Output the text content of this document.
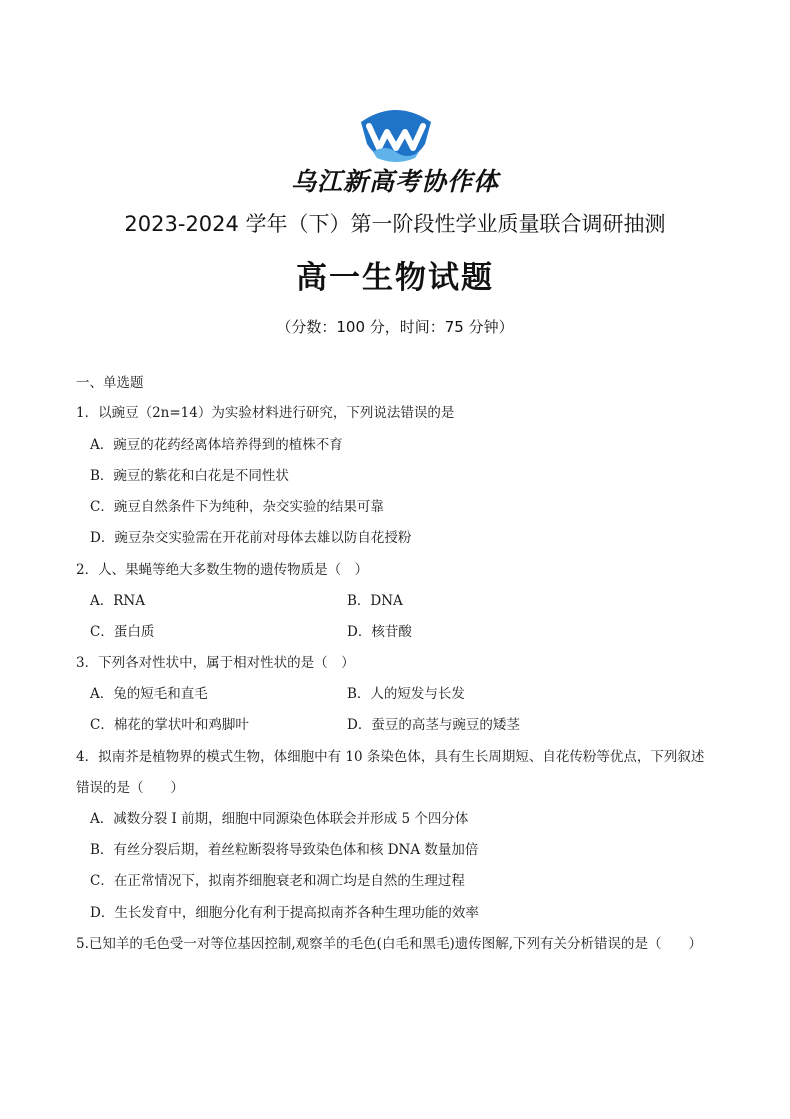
乌江新高考协作体
2023-2024 学年（下）第一阶段性学业质量联合调研抽测
高一生物试题
（分数：100 分，时间：75 分钟）
一、单选题
1．以豌豆（2n=14）为实验材料进行研究，下列说法错误的是
A．豌豆的花药经离体培养得到的植株不育
B．豌豆的紫花和白花是不同性状
C．豌豆自然条件下为纯种，杂交实验的结果可靠
D．豌豆杂交实验需在开花前对母体去雄以防自花授粉
2．人、果蝇等绝大多数生物的遗传物质是（　）
A．RNA	B．DNA
C．蛋白质	D．核苷酸
3．下列各对性状中，属于相对性状的是（　）
A．兔的短毛和直毛	B．人的短发与长发
C．棉花的掌状叶和鸡脚叶	D．蚕豆的高茎与豌豆的矮茎
4．拟南芥是植物界的模式生物，体细胞中有 10 条染色体，具有生长周期短、自花传粉等优点，下列叙述
错误的是（　　）
A．减数分裂 I 前期，细胞中同源染色体联会并形成 5 个四分体
B．有丝分裂后期，着丝粒断裂将导致染色体和核 DNA 数量加倍
C．在正常情况下，拟南芥细胞衰老和凋亡均是自然的生理过程
D．生长发育中，细胞分化有利于提高拟南芥各种生理功能的效率
5.已知羊的毛色受一对等位基因控制,观察羊的毛色(白毛和黑毛)遗传图解,下列有关分析错误的是（　　）
